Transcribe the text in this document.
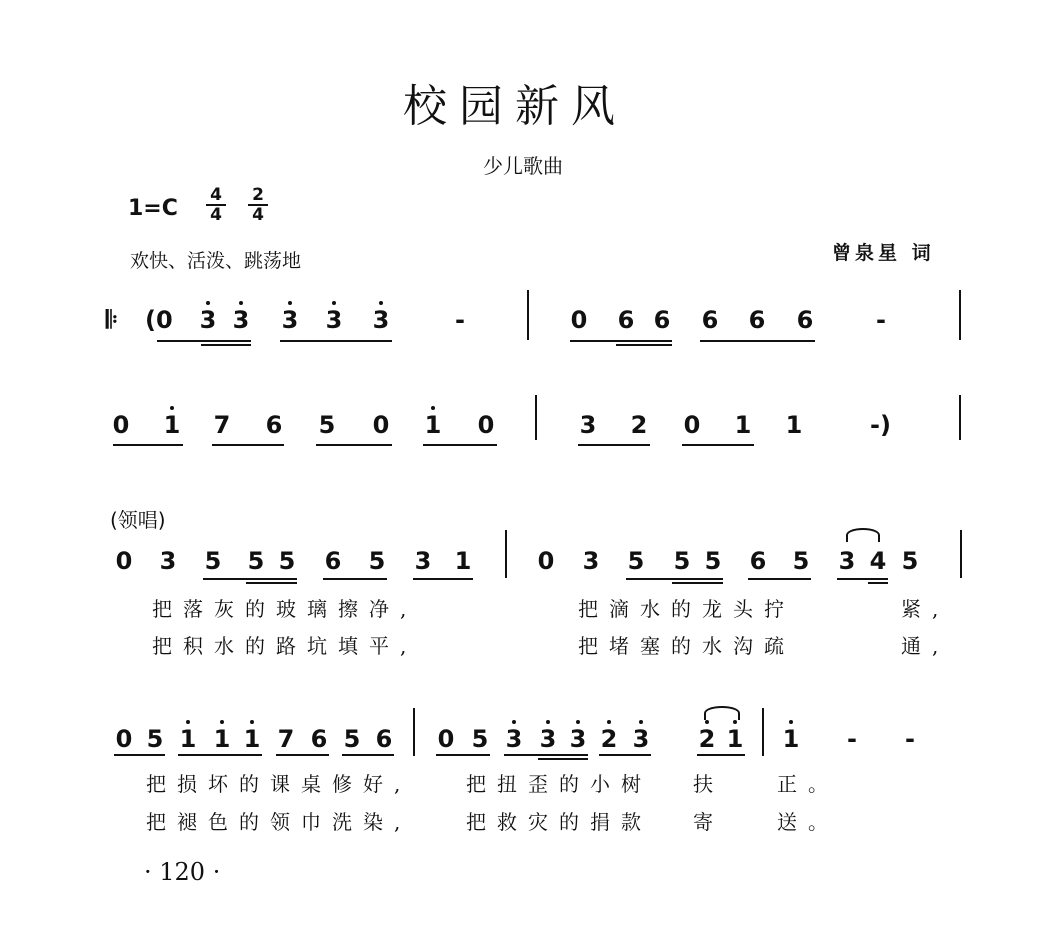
校园新风
少儿歌曲
$1=C \frac{4}{4} \frac{2}{4}$
欢快、活泼、跳荡地	曾泉星 词
𝄆 (0 3 3 3 3 3	-	0 6 6 6 6 6	-
0 1 7 6 5 0 1 0	3 2 0 1 1	-)
(领唱)
0 3 5 5 5 6 5 3 1	0 3 5 5 5 6 5 3 4 5
把落灰的玻璃擦净,	把滴水的龙头拧	紧,
把积水的路坑填平,	把堵塞的水沟疏	通,
0 5 1 1 1 7 6 5 6 0 5 3 3 3 2 3 2 1 1	-	-
把损坏的课桌修好,	把扭歪的小树 扶	正。
把褪色的领巾洗染,	把救灾的捐款 寄	送。
· 120 ·
